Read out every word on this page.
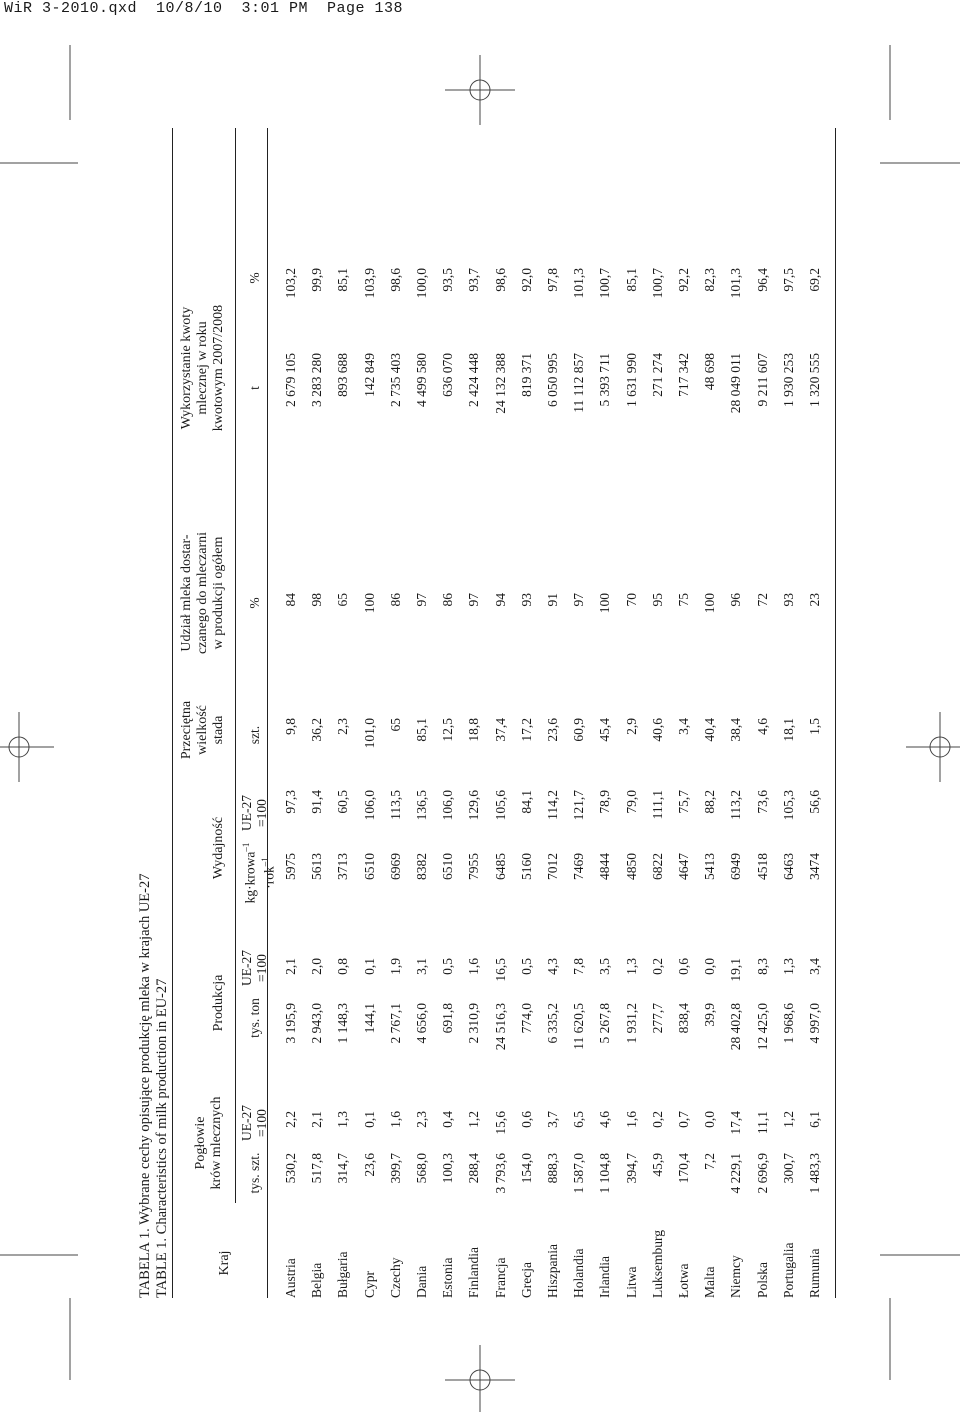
WiR 3-2010.qxd  10/8/10  3:01 PM  Page 138
TABELA 1. Wybrane cechy opisujące produkcję mleka w krajach UE-27 TABLE 1. Characteristics of milk production in EU-27	Kraj
Pogłowie krów mlecznych
Produkcja
Wydajność
Przeciętna wielkość stada
Udział mleka dostar- czanego do mleczarni w produkcji ogółem
Wykorzystanie kwoty mlecznej w roku kwotowym 2007/2008
tys. szt.
UE-27 =100
tys. ton
UE-27 =100
kg·krowa$^{-1}$
·rok$^{-1}$
UE-27 =100
szt.
%
t
%
Austria
530,2
2,2
3 195,9
2,1
5975
97,3
9,8
84
2 679 105
103,2
Belgia
517,8
2,1
2 943,0
2,0
5613
91,4
36,2
98
3 283 280
99,9
Bułgaria
314,7
1,3
1 148,3
0,8
3713
60,5
2,3
65
893 688
85,1
Cypr
23,6
0,1
144,1
0,1
6510
106,0
101,0
100
142 849
103,9
Czechy
399,7
1,6
2 767,1
1,9
6969
113,5
65
86
2 735 403
98,6
Dania
568,0
2,3
4 656,0
3,1
8382
136,5
85,1
97
4 499 580
100,0
Estonia
100,3
0,4
691,8
0,5
6510
106,0
12,5
86
636 070
93,5
Finlandia
288,4
1,2
2 310,9
1,6
7955
129,6
18,8
97
2 424 448
93,7
Francja
3 793,6
15,6
24 516,3
16,5
6485
105,6
37,4
94
24 132 388
98,6
Grecja
154,0
0,6
774,0
0,5
5160
84,1
17,2
93
819 371
92,0
Hiszpania
888,3
3,7
6 335,2
4,3
7012
114,2
23,6
91
6 050 995
97,8
Holandia
1 587,0
6,5
11 620,5
7,8
7469
121,7
60,9
97
11 112 857
101,3
Irlandia
1 104,8
4,6
5 267,8
3,5
4844
78,9
45,4
100
5 393 711
100,7
Litwa
394,7
1,6
1 931,2
1,3
4850
79,0
2,9
70
1 631 990
85,1
Luksemburg
45,9
0,2
277,7
0,2
6822
111,1
40,6
95
271 274
100,7
Łotwa
170,4
0,7
838,4
0,6
4647
75,7
3,4
75
717 342
92,2
Malta
7,2
0,0
39,9
0,0
5413
88,2
40,4
100
48 698
82,3
Niemcy
4 229,1
17,4
28 402,8
19,1
6949
113,2
38,4
96
28 049 011
101,3
Polska
2 696,9
11,1
12 425,0
8,3
4518
73,6
4,6
72
9 211 607
96,4
Portugalia
300,7
1,2
1 968,6
1,3
6463
105,3
18,1
93
1 930 253
97,5
Rumunia
1 483,3
6,1
4 997,0
3,4
3474
56,6
1,5
23
1 320 555
69,2
